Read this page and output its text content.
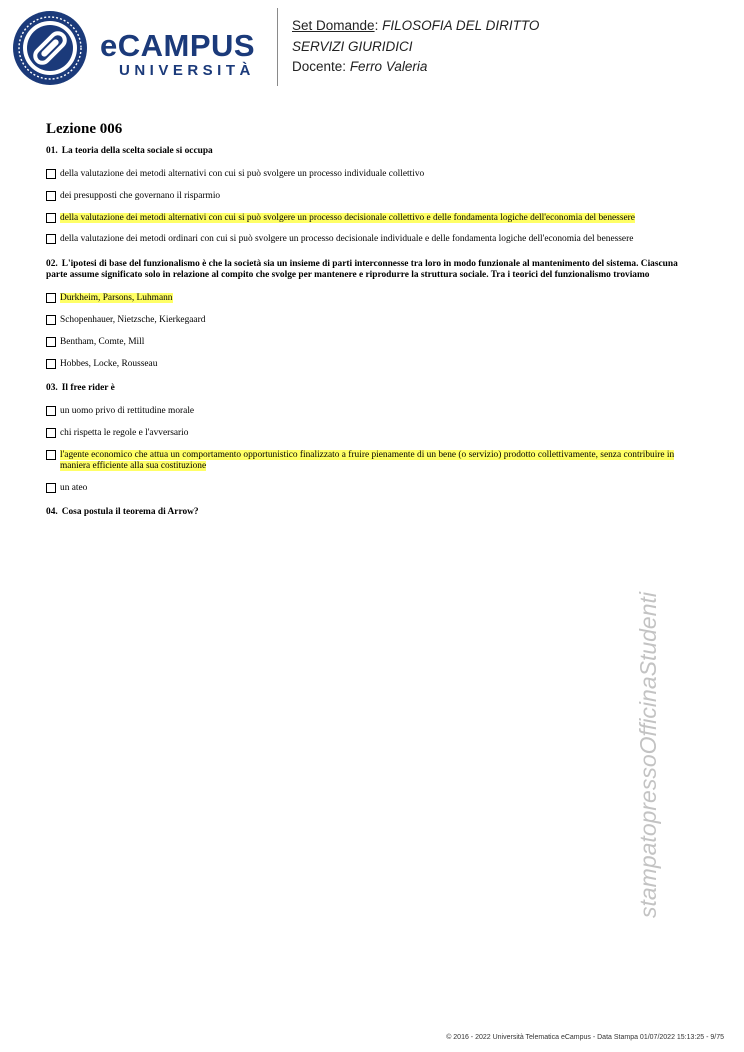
eCAMPUS
UNIVERSITÀ
Set Domande: FILOSOFIA DEL DIRITTO
SERVIZI GIURIDICI
Docente: Ferro Valeria
Lezione 006
01. La teoria della scelta sociale si occupa
della valutazione dei metodi alternativi con cui si può svolgere un processo individuale collettivo
dei presupposti che governano il risparmio
della valutazione dei metodi alternativi con cui si può svolgere un processo decisionale collettivo e delle fondamenta logiche dell'economia del benessere
della valutazione dei metodi ordinari con cui si può svolgere un processo decisionale individuale e delle fondamenta logiche dell'economia del benessere
02. L'ipotesi di base del funzionalismo è che la società sia un insieme di parti interconnesse tra loro in modo funzionale al mantenimento del sistema. Ciascuna parte assume significato solo in relazione al compito che svolge per mantenere e riprodurre la struttura sociale. Tra i teorici del funzionalismo troviamo
Durkheim, Parsons, Luhmann
Schopenhauer, Nietzsche, Kierkegaard
Bentham, Comte, Mill
Hobbes, Locke, Rousseau
03. Il free rider è
un uomo privo di rettitudine morale
chi rispetta le regole e l'avversario
l'agente economico che attua un comportamento opportunistico finalizzato a fruire pienamente di un bene (o servizio) prodotto collettivamente, senza contribuire in maniera efficiente alla sua costituzione
un ateo
04. Cosa postula il teorema di Arrow?
stampatopressoOfficinaStudenti
© 2016 - 2022 Università Telematica eCampus - Data Stampa 01/07/2022 15:13:25 - 9/75
